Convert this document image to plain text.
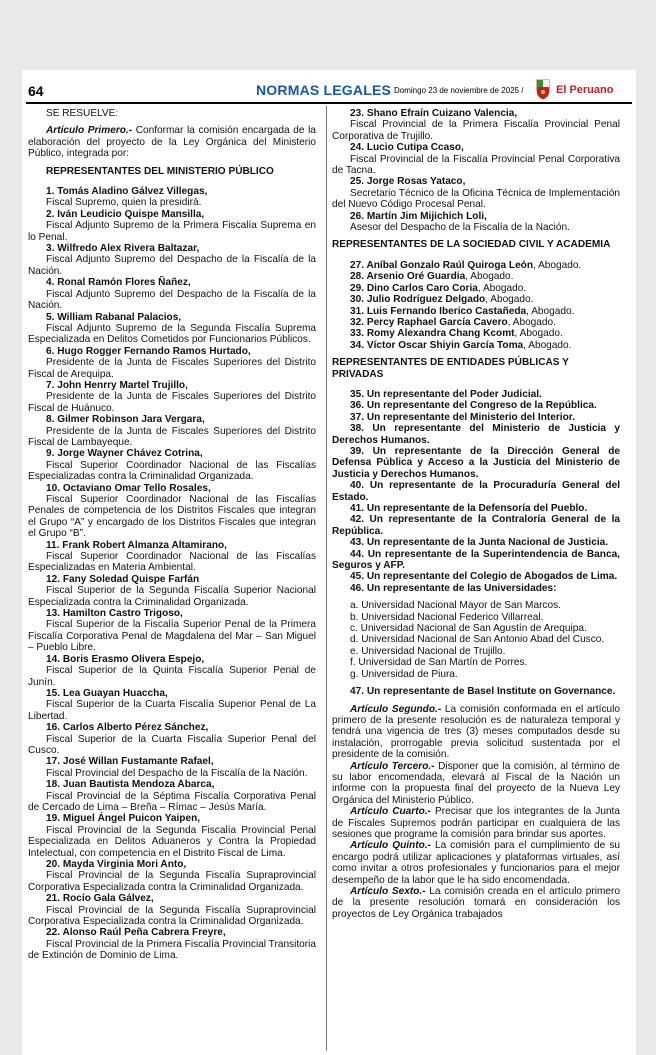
64	NORMAS LEGALES Domingo 23 de noviembre de 2025 /	El Peruano

SE RESUELVE:

Artículo Primero.- Conformar la comisión encargada de la elaboración del proyecto de la Ley Orgánica del Ministerio Público, integrada por:

REPRESENTANTES DEL MINISTERIO PÚBLICO

1. Tomás Aladino Gálvez Villegas,

Fiscal Supremo, quien la presidirá.

2. Iván Leudicio Quispe Mansilla,

Fiscal Adjunto Supremo de la Primera Fiscalía Suprema en lo Penal.

3. Wilfredo Alex Rivera Baltazar,

Fiscal Adjunto Supremo del Despacho de la Fiscalía de la Nación.

4. Ronal Ramón Flores Ñañez,

Fiscal Adjunto Supremo del Despacho de la Fiscalía de la Nación.

5. William Rabanal Palacios,

Fiscal Adjunto Supremo de la Segunda Fiscalía Suprema Especializada en Delitos Cometidos por Funcionarios Públicos.

6. Hugo Rogger Fernando Ramos Hurtado,

Presidente de la Junta de Fiscales Superiores del Distrito Fiscal de Arequipa.

7. John Henrry Martel Trujillo,

Presidente de la Junta de Fiscales Superiores del Distrito Fiscal de Huánuco.

8. Gilmer Robinson Jara Vergara,

Presidente de la Junta de Fiscales Superiores del Distrito Fiscal de Lambayeque.

9. Jorge Wayner Chávez Cotrina,

Fiscal Superior Coordinador Nacional de las Fiscalías Especializadas contra la Criminalidad Organizada.

10. Octaviano Omar Tello Rosales,

Fiscal Superior Coordinador Nacional de las Fiscalías Penales de competencia de los Distritos Fiscales que integran el Grupo “A” y encargado de los Distritos Fiscales que integran el Grupo “B”.

11. Frank Robert Almanza Altamirano,

Fiscal Superior Coordinador Nacional de las Fiscalías Especializadas en Materia Ambiental.

12. Fany Soledad Quispe Farfán

Fiscal Superior de la Segunda Fiscalía Superior Nacional Especializada contra la Criminalidad Organizada.

13. Hamilton Castro Trigoso,

Fiscal Superior de la Fiscalía Superior Penal de la Primera Fiscalía Corporativa Penal de Magdalena del Mar – San Miguel – Pueblo Libre.

14. Boris Erasmo Olivera Espejo,

Fiscal Superior de la Quinta Fiscalía Superior Penal de Junín.

15. Lea Guayan Huaccha,

Fiscal Superior de la Cuarta Fiscalía Superior Penal de La Libertad.

16. Carlos Alberto Pérez Sánchez,

Fiscal Superior de la Cuarta Fiscalía Superior Penal del Cusco.

17. José Willan Fustamante Rafael,

Fiscal Provincial del Despacho de la Fiscalía de la Nación.

18. Juan Bautista Mendoza Abarca,

Fiscal Provincial de la Séptima Fiscalía Corporativa Penal de Cercado de Lima – Breña – Rímac – Jesús María.

19. Miguel Ángel Puicon Yaipen,

Fiscal Provincial de la Segunda Fiscalía Provincial Penal Especializada en Delitos Aduaneros y Contra la Propiedad Intelectual, con competencia en el Distrito Fiscal de Lima.

20. Mayda Virginia Mori Anto,

Fiscal Provincial de la Segunda Fiscalía Supraprovincial Corporativa Especializada contra la Criminalidad Organizada.

21. Rocío Gala Gálvez,

Fiscal Provincial de la Segunda Fiscalía Supraprovincial Corporativa Especializada contra la Criminalidad Organizada.

22. Alonso Raúl Peña Cabrera Freyre,

Fiscal Provincial de la Primera Fiscalía Provincial Transitoria de Extinción de Dominio de Lima.

23. Shano Efraín Cuizano Valencia,

Fiscal Provincial de la Primera Fiscalía Provincial Penal Corporativa de Trujillo.

24. Lucio Cutipa Ccaso,

Fiscal Provincial de la Fiscalía Provincial Penal Corporativa de Tacna.

25. Jorge Rosas Yataco,

Secretario Técnico de la Oficina Técnica de Implementación del Nuevo Código Procesal Penal.

26. Martín Jim Mijichich Loli,

Asesor del Despacho de la Fiscalía de la Nación.

REPRESENTANTES DE LA SOCIEDAD CIVIL Y ACADEMIA

27. Aníbal Gonzalo Raúl Quiroga León, Abogado.

28. Arsenio Oré Guardia, Abogado.

29. Dino Carlos Caro Coria, Abogado.

30. Julio Rodríguez Delgado, Abogado.

31. Luis Fernando Iberico Castañeda, Abogado.

32. Percy Raphael García Cavero, Abogado.

33. Romy Alexandra Chang Kcomt, Abogado.

34. Víctor Oscar Shiyin García Toma, Abogado.

REPRESENTANTES DE ENTIDADES PÚBLICAS Y PRIVADAS

35. Un representante del Poder Judicial.

36. Un representante del Congreso de la República.

37. Un representante del Ministerio del Interior.

38. Un representante del Ministerio de Justicia y Derechos Humanos.

39. Un representante de la Dirección General de Defensa Pública y Acceso a la Justicia del Ministerio de Justicia y Derechos Humanos.

40. Un representante de la Procuraduría General del Estado.

41. Un representante de la Defensoría del Pueblo.

42. Un representante de la Contraloría General de la República.

43. Un representante de la Junta Nacional de Justicia.

44. Un representante de la Superintendencia de Banca, Seguros y AFP.

45. Un representante del Colegio de Abogados de Lima.

46. Un representante de las Universidades:

a. Universidad Nacional Mayor de San Marcos.

b. Universidad Nacional Federico Villarreal.

c. Universidad Nacional de San Agustín de Arequipa.

d. Universidad Nacional de San Antonio Abad del Cusco.

e. Universidad Nacional de Trujillo.

f. Universidad de San Martín de Porres.

g. Universidad de Piura.

47. Un representante de Basel Institute on Governance.

Artículo Segundo.- La comisión conformada en el artículo primero de la presente resolución es de naturaleza temporal y tendrá una vigencia de tres (3) meses computados desde su instalación, prorrogable previa solicitud sustentada por el presidente de la comisión.

Artículo Tercero.- Disponer que la comisión, al término de su labor encomendada, elevará al Fiscal de la Nación un informe con la propuesta final del proyecto de la Nueva Ley Orgánica del Ministerio Público.

Artículo Cuarto.- Precisar que los integrantes de la Junta de Fiscales Supremos podrán participar en cualquiera de las sesiones que programe la comisión para brindar sus aportes.

Artículo Quinto.- La comisión para el cumplimiento de su encargo podrá utilizar aplicaciones y plataformas virtuales, así como invitar a otros profesionales y funcionarios para el mejor desempeño de la labor que le ha sido encomendada.

Artículo Sexto.- La comisión creada en el artículo primero de la presente resolución tomará en consideración los proyectos de Ley Orgánica trabajados
